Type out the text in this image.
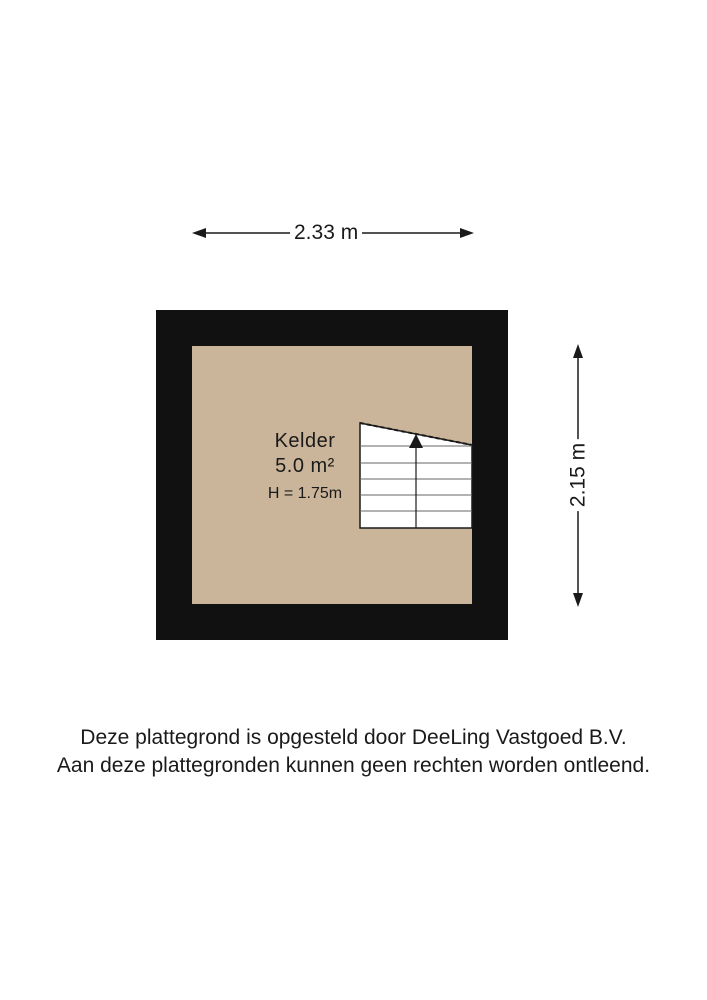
2.33 m
2.15 m
Kelder
5.0 m²
H = 1.75m
Deze plattegrond is opgesteld door DeeLing Vastgoed B.V.
Aan deze plattegronden kunnen geen rechten worden ontleend.
